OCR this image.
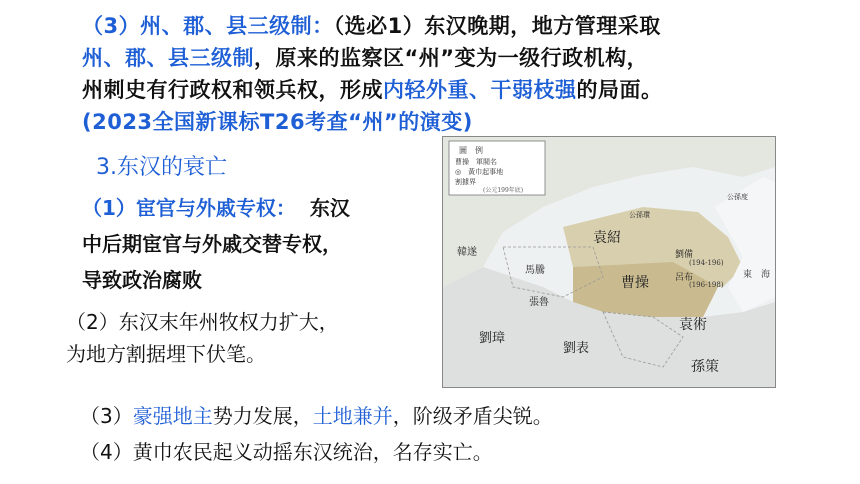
（3）州、郡、县三级制：（选必1）东汉晚期，地方管理采取
州、郡、县三级制，原来的监察区“州”变为一级行政机构，
州刺史有行政权和领兵权，形成内轻外重、干弱枝强的局面。
(2023全国新课标T26考查“州”的演变)
3.东汉的衰亡
（1）宦官与外戚专权： 东汉
中后期宦官与外戚交替专权，
导致政治腐败
（2）东汉末年州牧权力扩大，
为地方割据埋下伏笔。
（3）豪强地主势力发展，土地兼并，阶级矛盾尖锐。
（4）黄巾农民起义动摇东汉统治，名存实亡。
圖　例
曹操　軍閥名
◎　黃巾起事地
割據界
(公元199年底)
袁紹
曹操
劉備
呂布
(194-196)
(196-198)
袁術
孫策
劉表
劉璋
馬騰
張魯
韓遂
公孫瓚
公孫度
東　海
